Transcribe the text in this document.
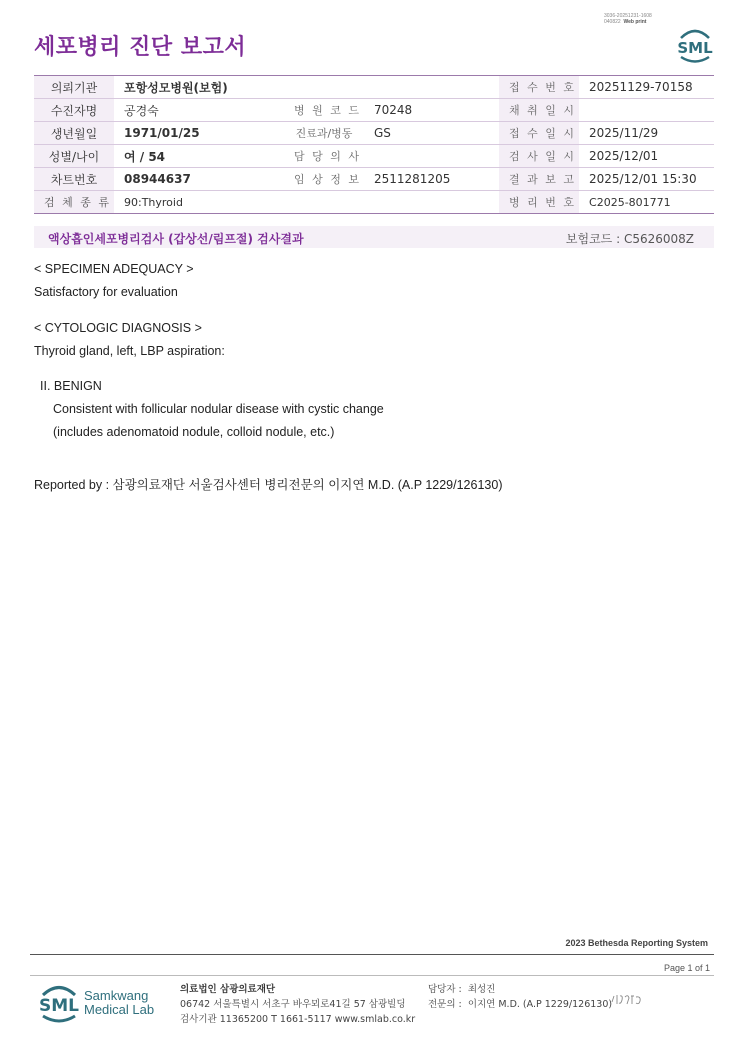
세포병리 진단 보고서
3036-20251231-1608
040822 Web print
SML
의뢰기관	포항성모병원(보험)			접 수 번 호	20251129-70158
수진자명	공경숙	병 원 코 드	70248	채 취 일 시	
생년월일	1971/01/25	진료과/병동	GS	접 수 일 시	2025/11/29
성별/나이	여 / 54	담 당 의 사		검 사 일 시	2025/12/01
차트번호	08944637	임 상 정 보	2511281205	결 과 보 고	2025/12/01 15:30
검 체 종 류	90:Thyroid			병 리 번 호	C2025-801771
액상흡인세포병리검사 (갑상선/림프절) 검사결과	보험코드 : C5626008Z
< SPECIMEN ADEQUACY >
Satisfactory for evaluation
< CYTOLOGIC DIAGNOSIS >
Thyroid gland, left, LBP aspiration:
II. BENIGN
Consistent with follicular nodular disease with cystic change
(includes adenomatoid nodule, colloid nodule, etc.)
Reported by : 삼광의료재단 서울검사센터 병리전문의 이지연 M.D. (A.P 1229/126130)
2023 Bethesda Reporting System
Page 1 of 1
SML
Samkwang
Medical Lab
의료법인 삼광의료재단
06742 서울특별시 서초구 바우뫼로41길 57 삼광빌딩
검사기관 11365200 T 1661-5117 www.smlab.co.kr
담당자 : 최성진
전문의 : 이지연 M.D. (A.P 1229/126130)
